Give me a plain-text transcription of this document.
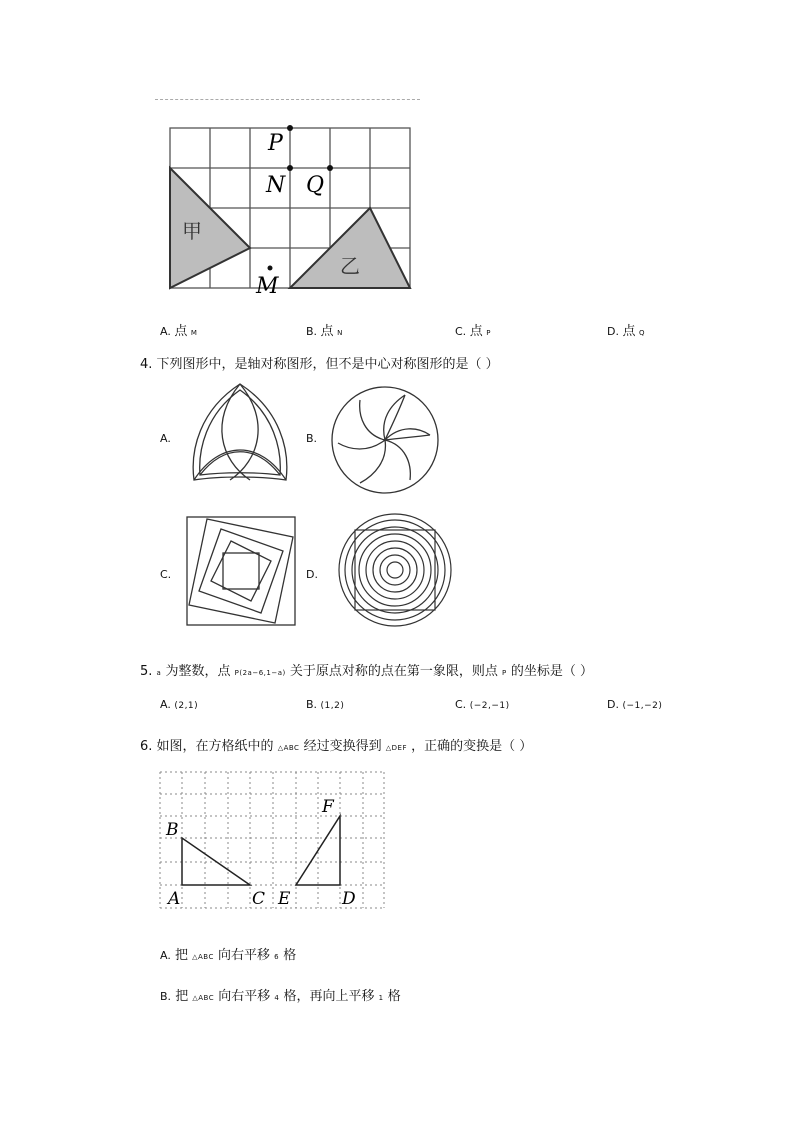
P
N Q
M
甲
乙
A. 点 M	B. 点 N	C. 点 P	D. 点 Q
4. 下列图形中，是轴对称图形，但不是中心对称图形的是（ ）
A.	B.
C.	D.
5. a 为整数，点 P(2a−6,1−a) 关于原点对称的点在第一象限，则点 P 的坐标是（ ）
A. (2,1)	B. (1,2)	C. (−2,−1)	D. (−1,−2)
6. 如图，在方格纸中的 △ABC 经过变换得到 △DEF ，正确的变换是（ ）
A
B
C E	D
F
A. 把 △ABC 向右平移 6 格
B. 把 △ABC 向右平移 4 格，再向上平移 1 格
